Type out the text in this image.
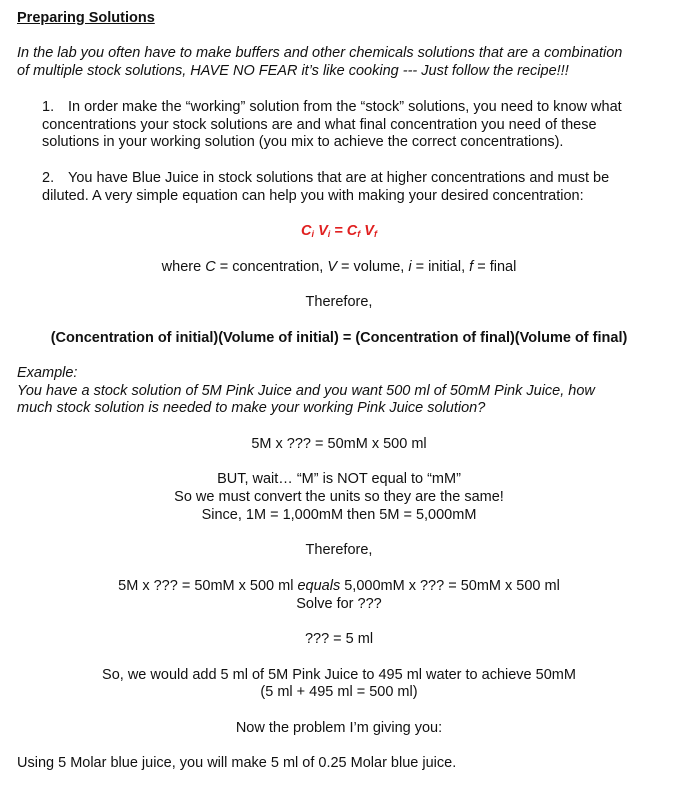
Preparing Solutions
In the lab you often have to make buffers and other chemicals solutions that are a combination
of multiple stock solutions, HAVE NO FEAR it’s like cooking --- Just follow the recipe!!!
1. In order make the “working” solution from the “stock” solutions, you need to know what
concentrations your stock solutions are and what final concentration you need of these
solutions in your working solution (you mix to achieve the correct concentrations).
2. You have Blue Juice in stock solutions that are at higher concentrations and must be
diluted. A very simple equation can help you with making your desired concentration:
$C_i$ $V_i = C_f$ $V_f$
where C = concentration, V = volume, i = initial, f = final
Therefore,
(Concentration of initial)(Volume of initial) = (Concentration of final)(Volume of final)
Example:
You have a stock solution of 5M Pink Juice and you want 500 ml of 50mM Pink Juice, how
much stock solution is needed to make your working Pink Juice solution?
5M x ??? = 50mM x 500 ml
BUT, wait… “M” is NOT equal to “mM”
So we must convert the units so they are the same!
Since, 1M = 1,000mM then 5M = 5,000mM
Therefore,
5M x ??? = 50mM x 500 ml equals 5,000mM x ??? = 50mM x 500 ml
Solve for ???
??? = 5 ml
So, we would add 5 ml of 5M Pink Juice to 495 ml water to achieve 50mM
(5 ml + 495 ml = 500 ml)
Now the problem I’m giving you:
Using 5 Molar blue juice, you will make 5 ml of 0.25 Molar blue juice.
